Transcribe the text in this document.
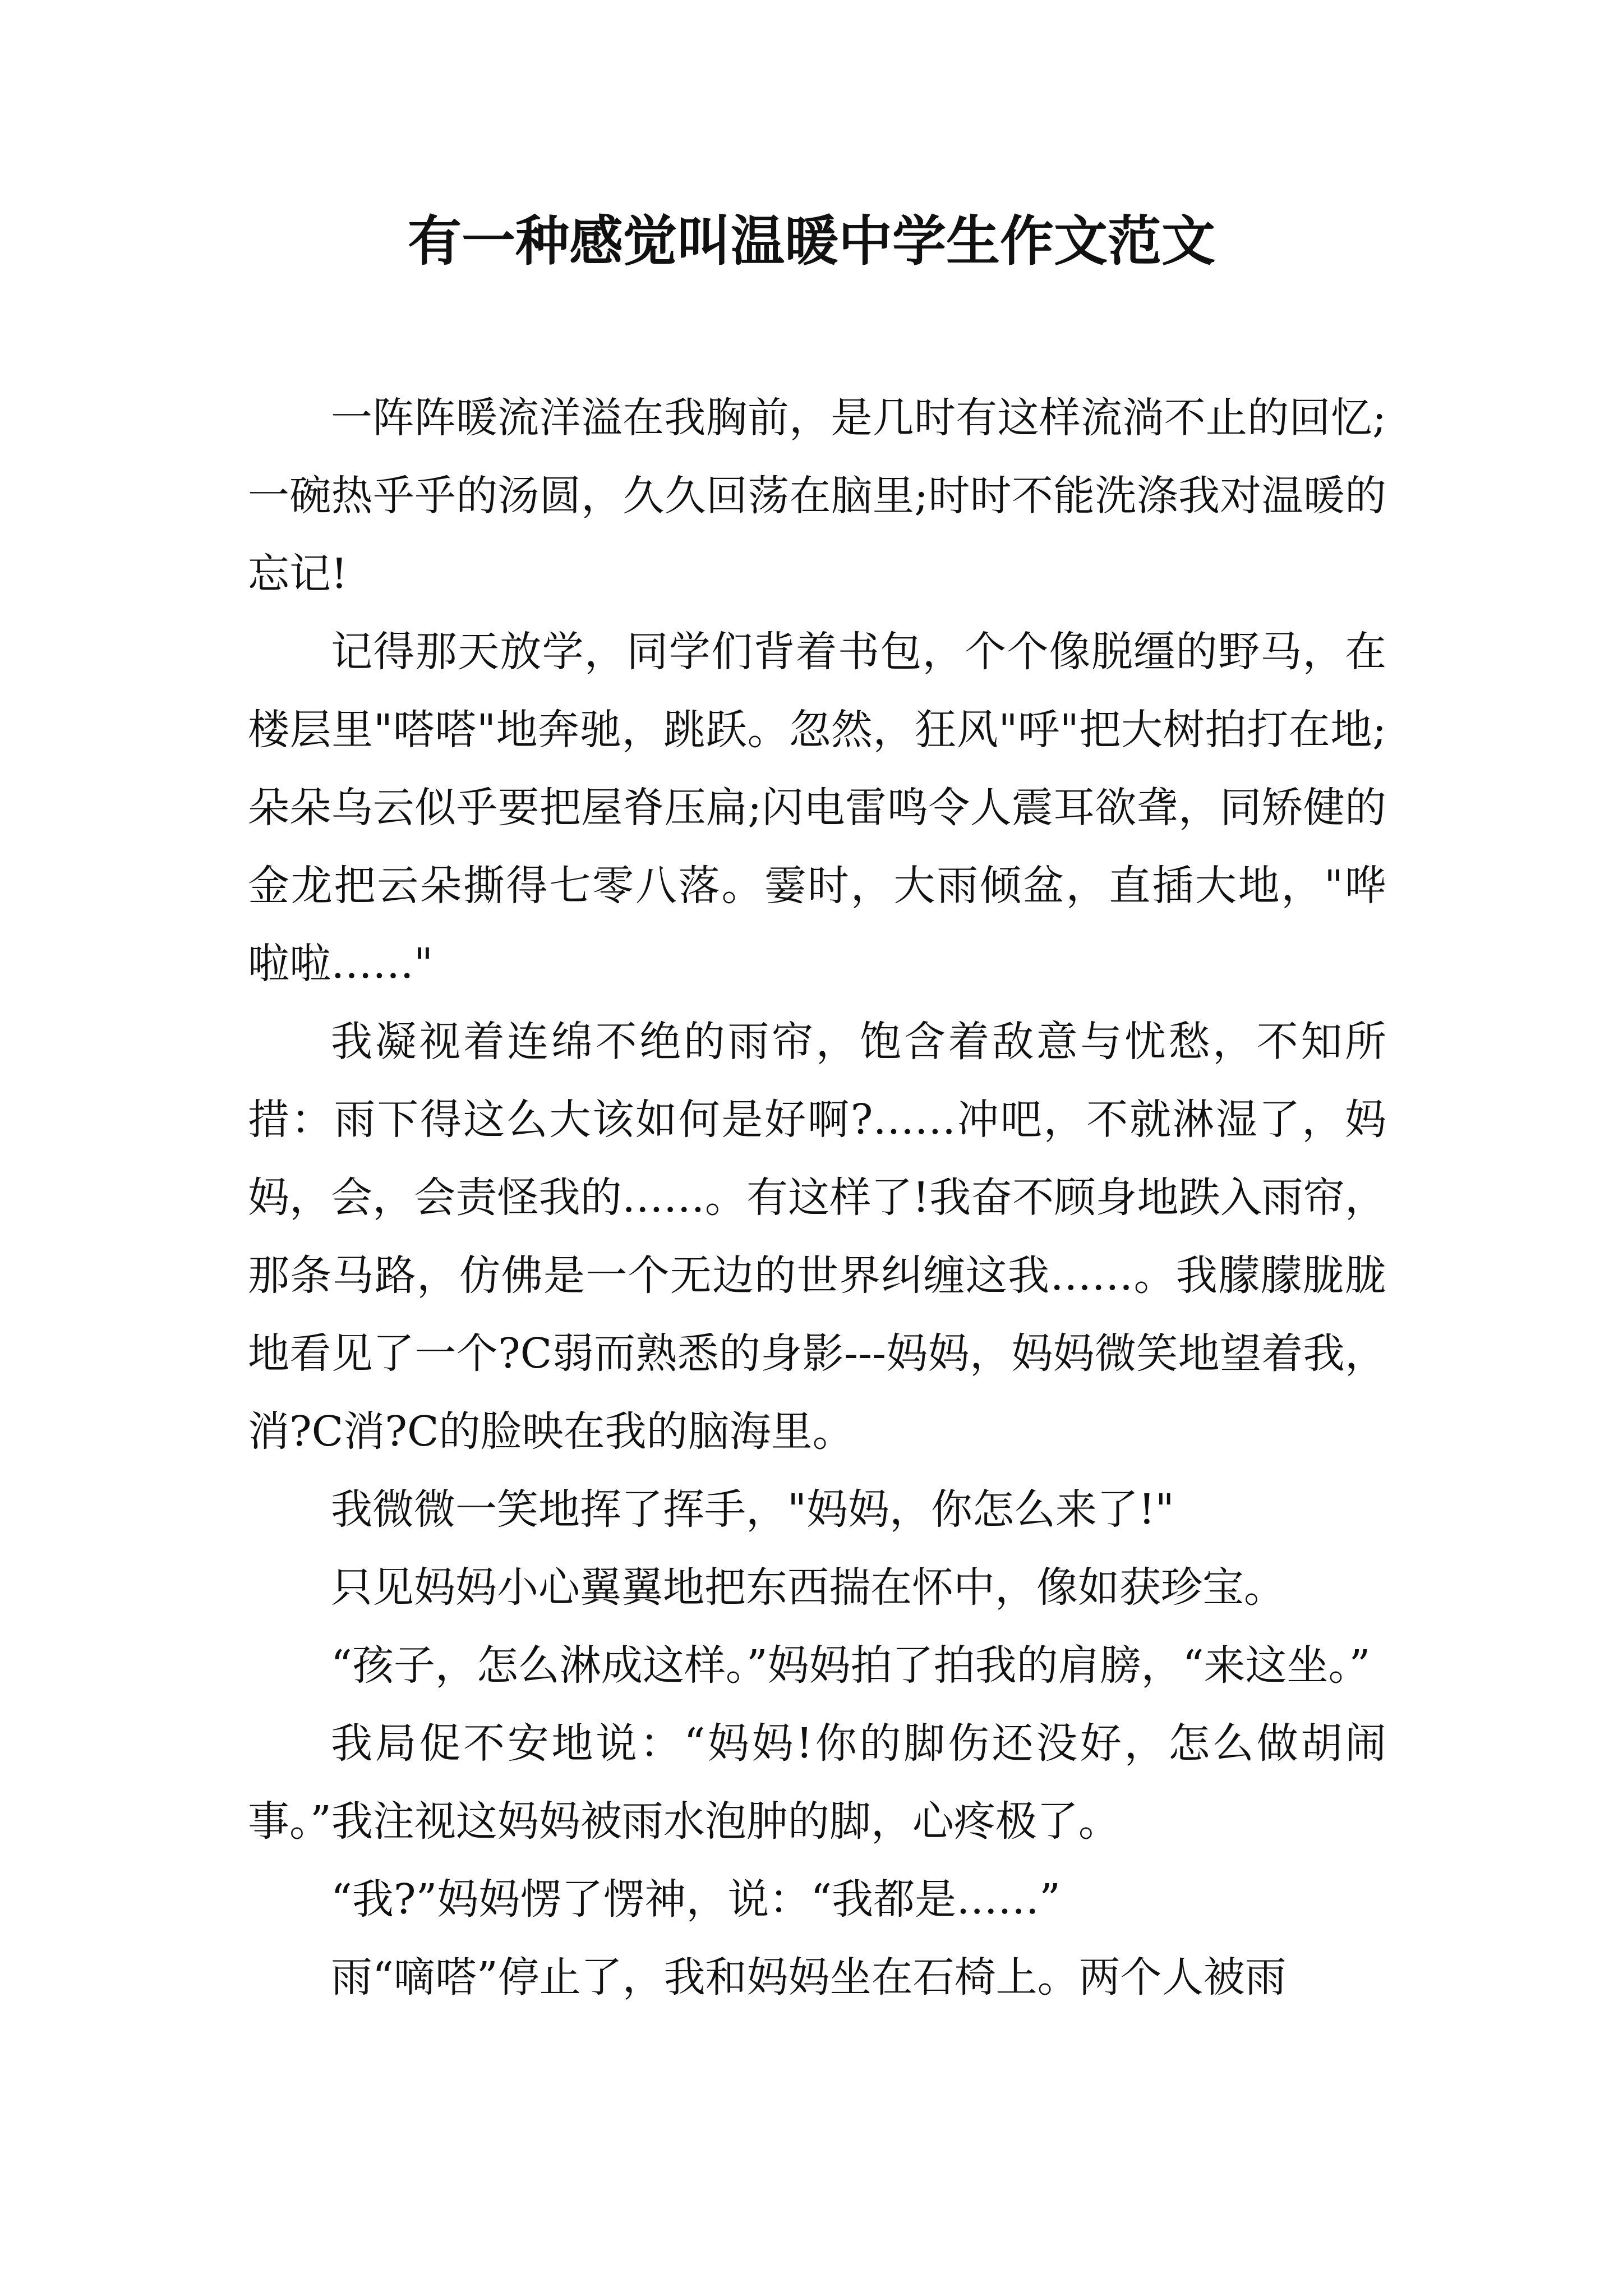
有一种感觉叫温暖中学生作文范文

一阵阵暖流洋溢在我胸前，是几时有这样流淌不止的回忆;一碗热乎乎的汤圆，久久回荡在脑里;时时不能洗涤我对温暖的忘记!

记得那天放学，同学们背着书包，个个像脱缰的野马，在楼层里"嗒嗒"地奔驰，跳跃。忽然，狂风"呼"把大树拍打在地;朵朵乌云似乎要把屋脊压扁;闪电雷鸣令人震耳欲聋，同矫健的金龙把云朵撕得七零八落。霎时，大雨倾盆，直插大地，"哗啦啦……"

我凝视着连绵不绝的雨帘，饱含着敌意与忧愁，不知所措：雨下得这么大该如何是好啊?……冲吧，不就淋湿了，妈妈，会，会责怪我的……。有这样了!我奋不顾身地跌入雨帘，那条马路，仿佛是一个无边的世界纠缠这我……。我朦朦胧胧地看见了一个?C弱而熟悉的身影---妈妈，妈妈微笑地望着我，消?C消?C的脸映在我的脑海里。

我微微一笑地挥了挥手，"妈妈，你怎么来了!"

只见妈妈小心翼翼地把东西揣在怀中，像如获珍宝。

“孩子，怎么淋成这样。”妈妈拍了拍我的肩膀，“来这坐。”

我局促不安地说：“妈妈!你的脚伤还没好，怎么做胡闹事。”我注视这妈妈被雨水泡肿的脚，心疼极了。

“我?”妈妈愣了愣神，说：“我都是……”

雨“嘀嗒”停止了，我和妈妈坐在石椅上。两个人被雨
